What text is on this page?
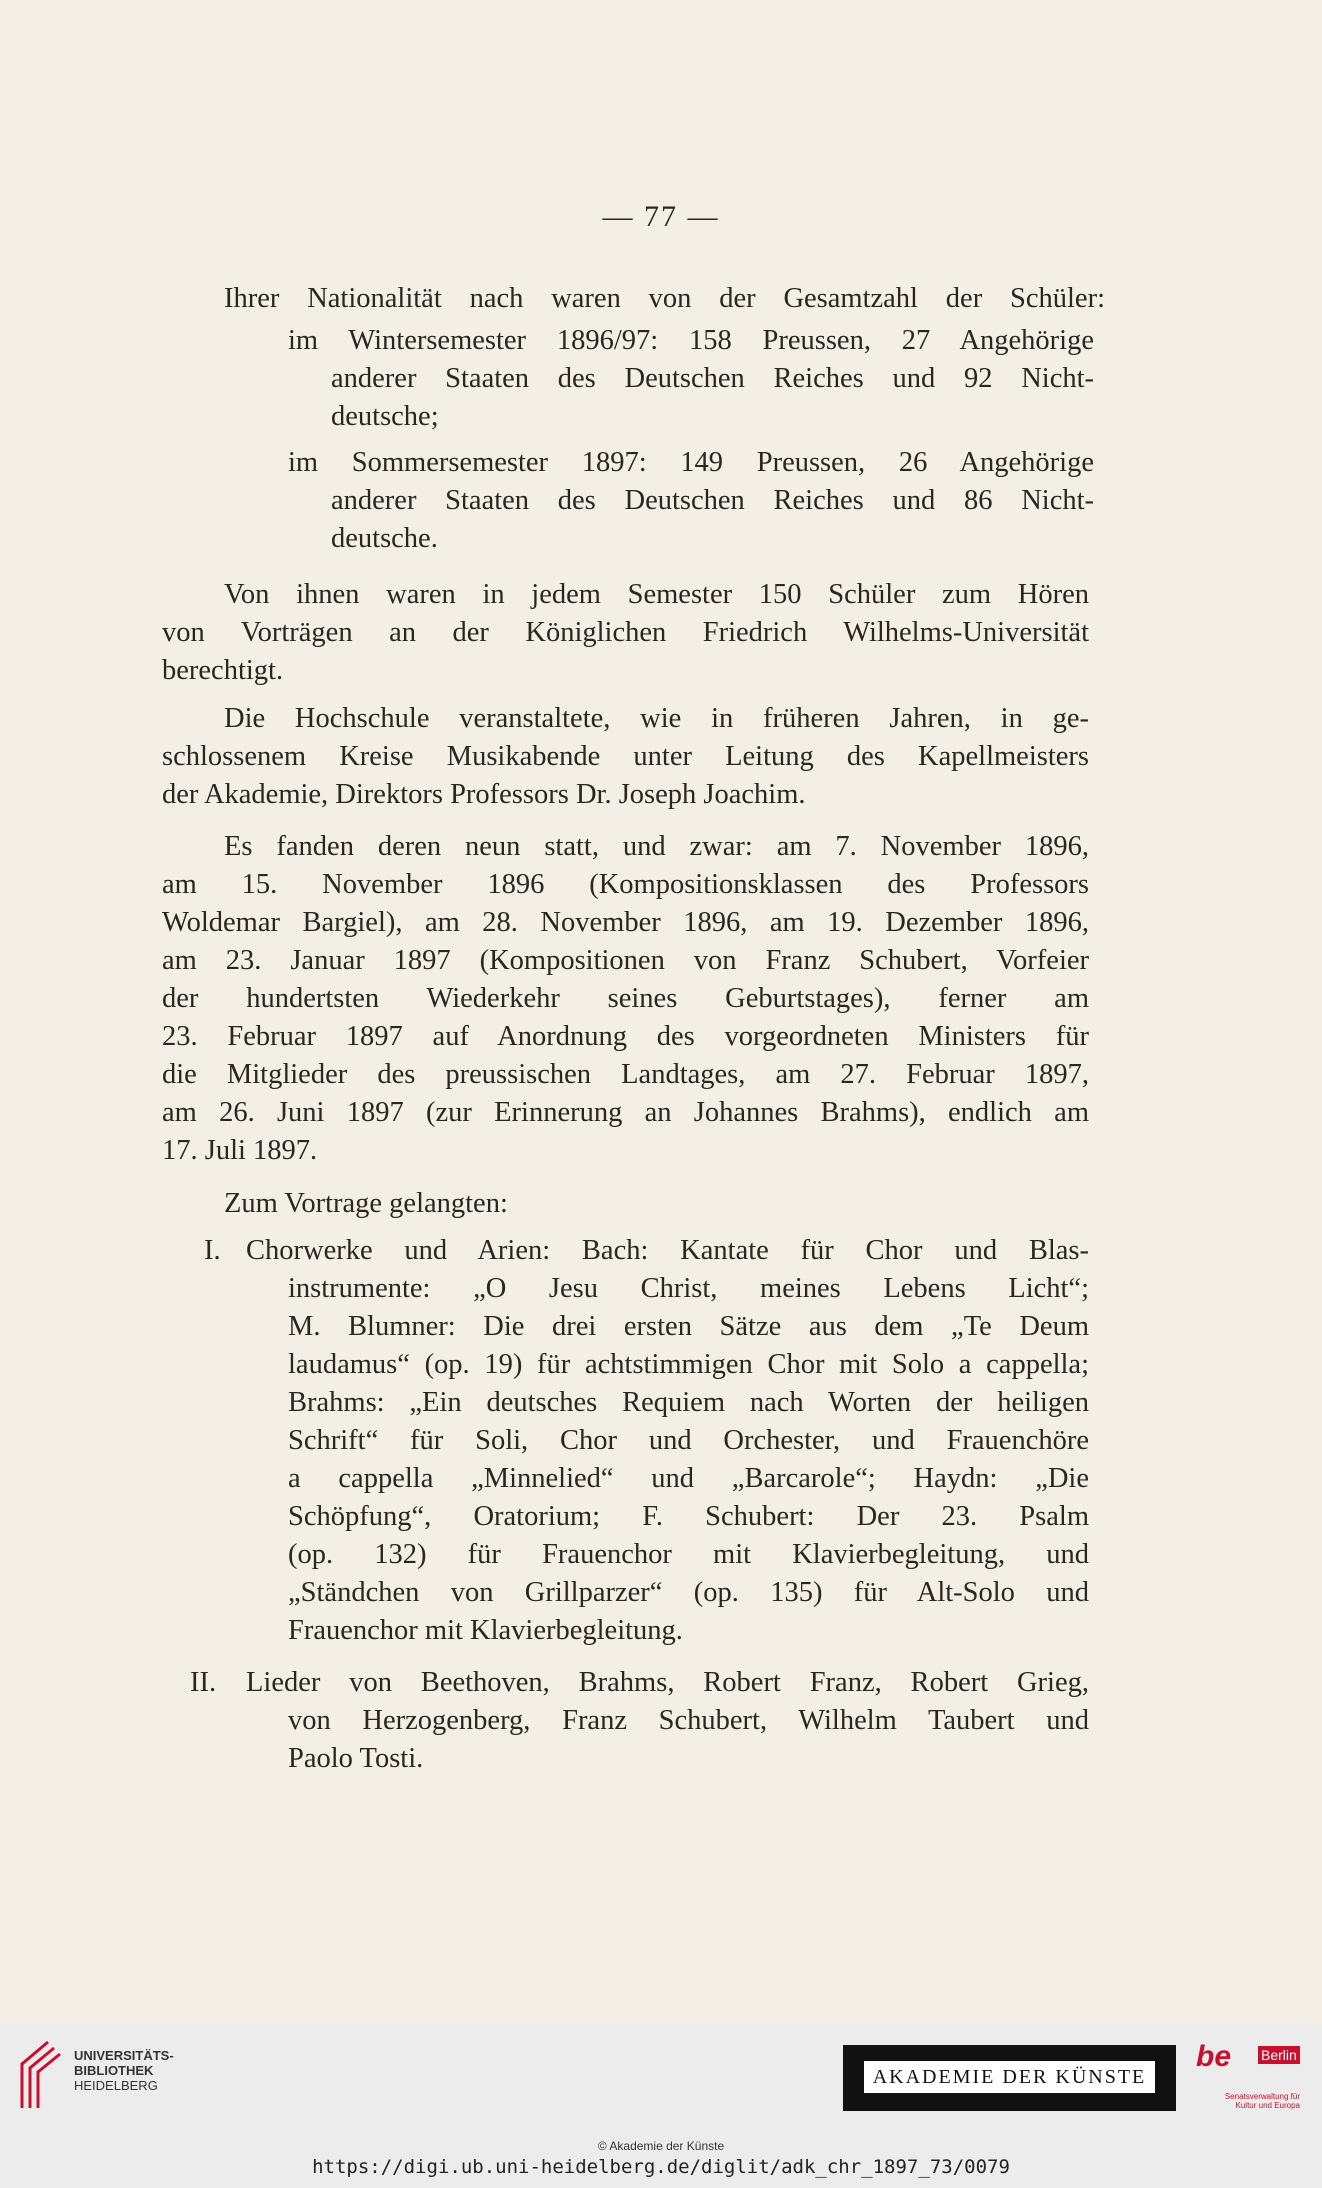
— 77 —
Ihrer Nationalität nach waren von der Gesamtzahl der Schüler:
im Wintersemester 1896/97: 158 Preussen, 27 Angehörige
anderer Staaten des Deutschen Reiches und 92 Nicht-
deutsche;
im Sommersemester 1897: 149 Preussen, 26 Angehörige
anderer Staaten des Deutschen Reiches und 86 Nicht-
deutsche.
Von ihnen waren in jedem Semester 150 Schüler zum Hören
von Vorträgen an der Königlichen Friedrich Wilhelms-Universität
berechtigt.
Die Hochschule veranstaltete, wie in früheren Jahren, in ge-
schlossenem Kreise Musikabende unter Leitung des Kapellmeisters
der Akademie, Direktors Professors Dr. Joseph Joachim.
Es fanden deren neun statt, und zwar: am 7. November 1896,
am 15. November 1896 (Kompositionsklassen des Professors
Woldemar Bargiel), am 28. November 1896, am 19. Dezember 1896,
am 23. Januar 1897 (Kompositionen von Franz Schubert, Vorfeier
der hundertsten Wiederkehr seines Geburtstages), ferner am
23. Februar 1897 auf Anordnung des vorgeordneten Ministers für
die Mitglieder des preussischen Landtages, am 27. Februar 1897,
am 26. Juni 1897 (zur Erinnerung an Johannes Brahms), endlich am
17. Juli 1897.
Zum Vortrage gelangten:
I. Chorwerke und Arien: Bach: Kantate für Chor und Blas-
instrumente: „O Jesu Christ, meines Lebens Licht“;
M. Blumner: Die drei ersten Sätze aus dem „Te Deum
laudamus“ (op. 19) für achtstimmigen Chor mit Solo a cappella;
Brahms: „Ein deutsches Requiem nach Worten der heiligen
Schrift“ für Soli, Chor und Orchester, und Frauenchöre
a cappella „Minnelied“ und „Barcarole“; Haydn: „Die
Schöpfung“, Oratorium; F. Schubert: Der 23. Psalm
(op. 132) für Frauenchor mit Klavierbegleitung, und
„Ständchen von Grillparzer“ (op. 135) für Alt-Solo und
Frauenchor mit Klavierbegleitung.
II. Lieder von Beethoven, Brahms, Robert Franz, Robert Grieg,
von Herzogenberg, Franz Schubert, Wilhelm Taubert und
Paolo Tosti.
UNIVERSITÄTS-
BIBLIOTHEK
HEIDELBERG	AKADEMIE DER KÜNSTE
be Berlin
Senatsverwaltung für Kultur und Europa
© Akademie der Künste
https://digi.ub.uni-heidelberg.de/diglit/adk_chr_1897_73/0079
